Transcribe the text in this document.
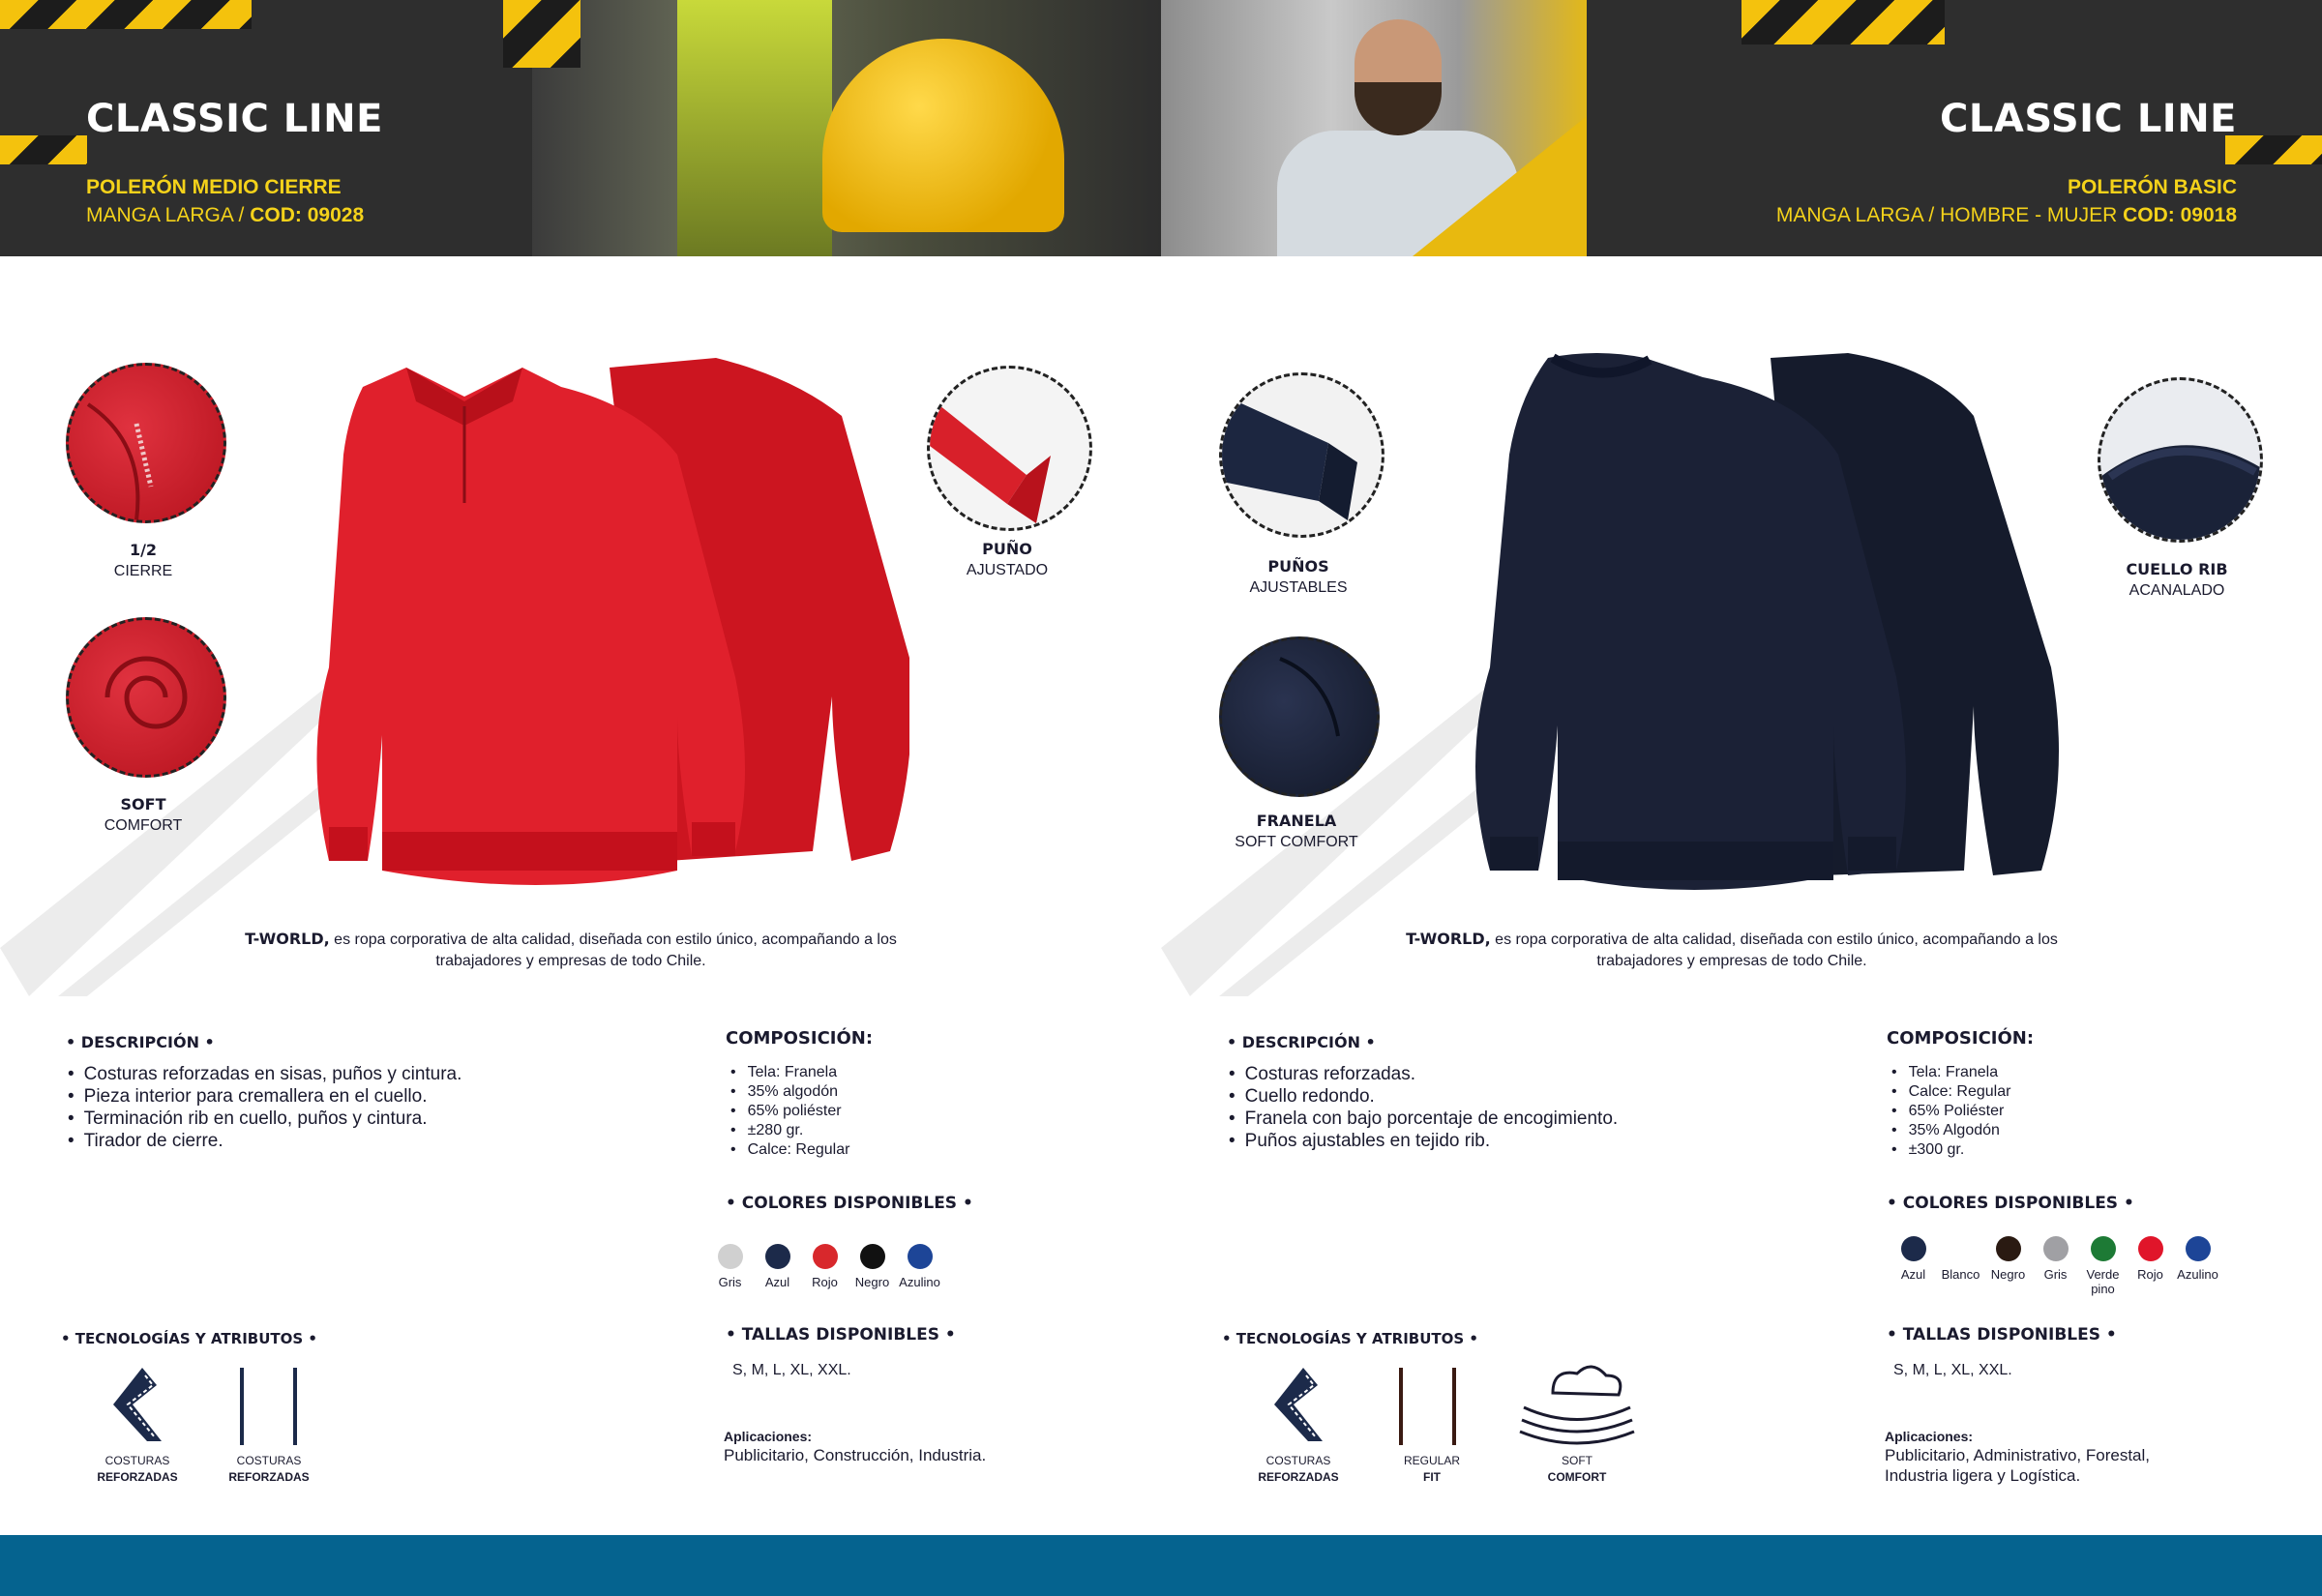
CLASSIC LINE
POLERÓN MEDIO CIERRE
MANGA LARGA / COD: 09028
CLASSIC LINE
POLERÓN BASIC
MANGA LARGA / HOMBRE - MUJER COD: 09018
1/2
CIERRE
SOFT
COMFORT
PUÑO
AJUSTADO
T-WORLD, es ropa corporativa de alta calidad, diseñada con estilo único, acompañando a los trabajadores y empresas de todo Chile.
• DESCRIPCIÓN •
• Costuras reforzadas en sisas, puños y cintura.
• Pieza interior para cremallera en el cuello.
• Terminación rib en cuello, puños y cintura.
• Tirador de cierre.
COMPOSICIÓN:
• Tela: Franela
• 35% algodón
• 65% poliéster
• ±280 gr.
• Calce: Regular
• COLORES DISPONIBLES •
Gris	Azul	Rojo	Negro Azulino
• TECNOLOGÍAS Y ATRIBUTOS •
COSTURAS
REFORZADAS
COSTURAS
REFORZADAS
• TALLAS DISPONIBLES •
S, M, L, XL, XXL.
Aplicaciones:
Publicitario, Construcción, Industria.
PUÑOS
AJUSTABLES
FRANELA
SOFT COMFORT
CUELLO RIB
ACANALADO
T-WORLD, es ropa corporativa de alta calidad, diseñada con estilo único, acompañando a los trabajadores y empresas de todo Chile.
• DESCRIPCIÓN •
• Costuras reforzadas.
• Cuello redondo.
• Franela con bajo porcentaje de encogimiento.
• Puños ajustables en tejido rib.
COMPOSICIÓN:
• Tela: Franela
• Calce: Regular
• 65% Poliéster
• 35% Algodón
• ±300 gr.
• COLORES DISPONIBLES •
Azul	Blanco Negro	Gris	Verde pino
Rojo	Azulino
• TECNOLOGÍAS Y ATRIBUTOS •
COSTURAS
REFORZADAS
REGULAR
FIT
SOFT
COMFORT
• TALLAS DISPONIBLES •
S, M, L, XL, XXL.
Aplicaciones:
Publicitario, Administrativo, Forestal, Industria ligera y Logística.
